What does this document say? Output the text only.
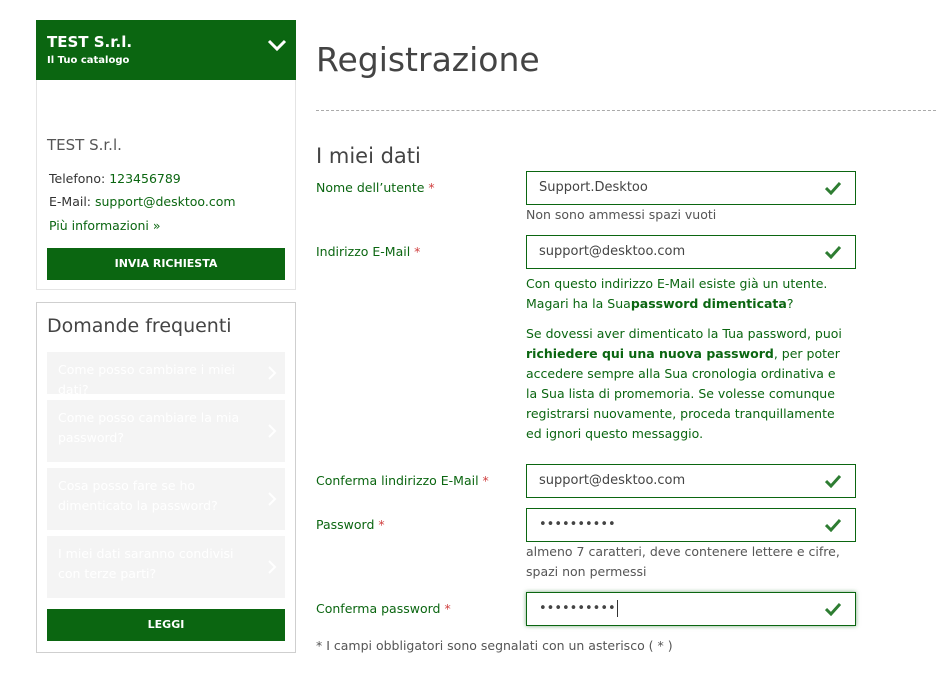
TEST S.r.l.
Il Tuo catalogo
TEST S.r.l.
Telefono: 123456789
E-Mail: support@desktoo.com
Più informazioni »
INVIA RICHIESTA
Domande frequenti
Come posso cambiare i miei dati?
Come posso cambiare la mia password?
Cosa posso fare se ho dimenticato la password?
I miei dati saranno condivisi con terze parti?
LEGGI
Registrazione
I miei dati
Nome dell’utente *	Support.Desktoo
Non sono ammessi spazi vuoti
Indirizzo E-Mail *	support@desktoo.com
Con questo indirizzo E-Mail esiste già un utente.
Magari ha la Suapassword dimenticata?
Se dovessi aver dimenticato la Tua password, puoi richiedere qui una nuova password, per poter accedere sempre alla Sua cronologia ordinativa e la Sua lista di promemoria. Se volesse comunque registrarsi nuovamente, proceda tranquillamente ed ignori questo messaggio.
Conferma lindirizzo E-Mail *	support@desktoo.com
Password *	••••••••••
almeno 7 caratteri, deve contenere lettere e cifre, spazi non permessi
Conferma password *	••••••••••
* I campi obbligatori sono segnalati con un asterisco ( * )
